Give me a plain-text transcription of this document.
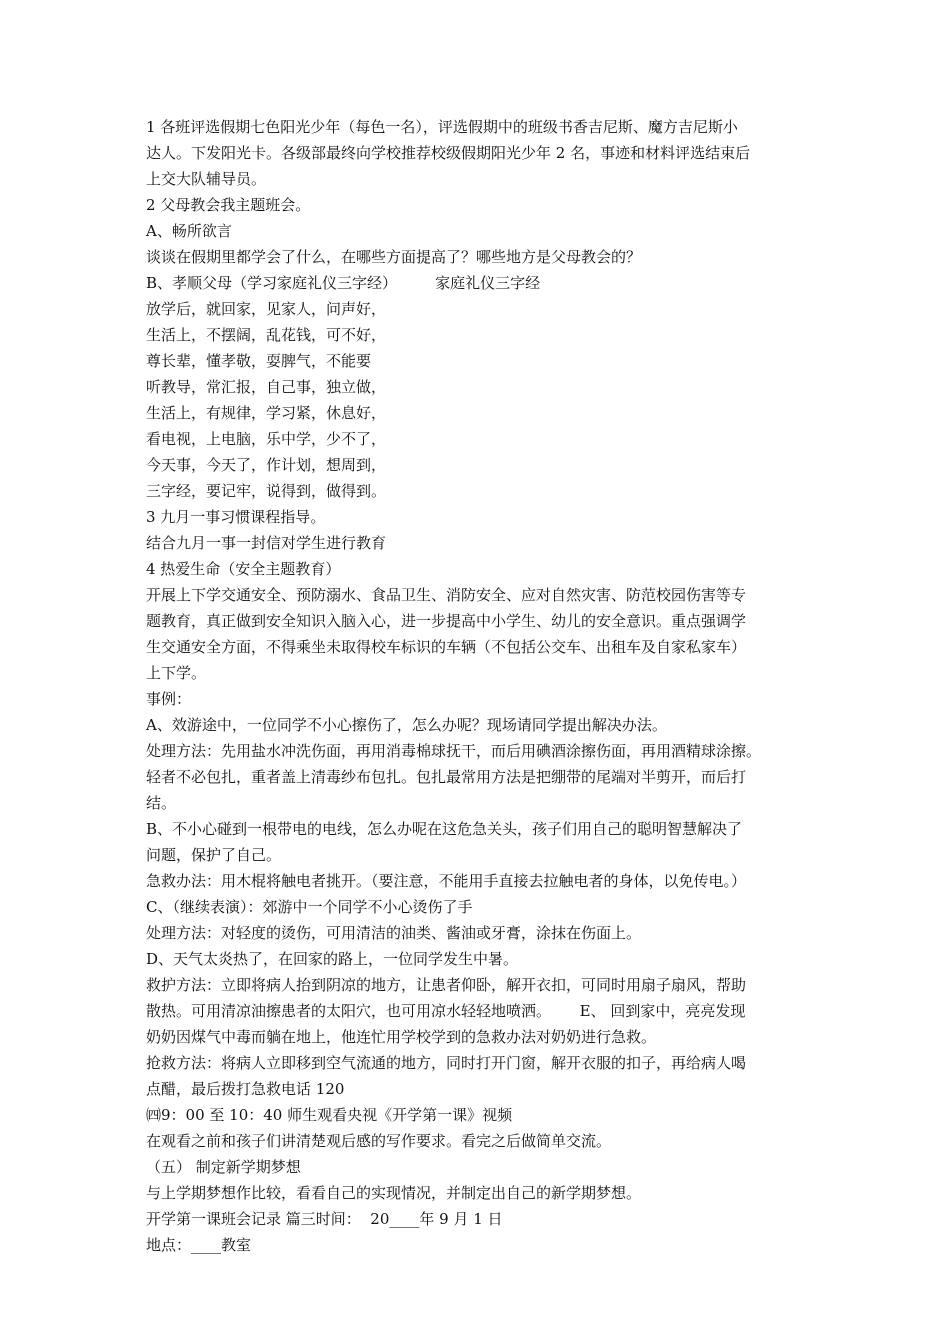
1 各班评选假期七色阳光少年（每色一名），评选假期中的班级书香吉尼斯、魔方吉尼斯小
达人。下发阳光卡。各级部最终向学校推荐校级假期阳光少年 2 名，事迹和材料评选结束后
上交大队辅导员。
2 父母教会我主题班会。
A、畅所欲言
谈谈在假期里都学会了什么，在哪些方面提高了？哪些地方是父母教会的？
B、孝顺父母（学习家庭礼仪三字经）        家庭礼仪三字经
放学后，就回家，见家人，问声好，
生活上，不摆阔，乱花钱，可不好，
尊长辈，懂孝敬，耍脾气，不能要
听教导，常汇报，自己事，独立做，
生活上，有规律，学习紧，休息好，
看电视，上电脑，乐中学，少不了，
今天事，今天了，作计划，想周到，
三字经，要记牢，说得到，做得到。
3 九月一事习惯课程指导。
结合九月一事一封信对学生进行教育
4 热爱生命（安全主题教育）
开展上下学交通安全、预防溺水、食品卫生、消防安全、应对自然灾害、防范校园伤害等专
题教育，真正做到安全知识入脑入心，进一步提高中小学生、幼儿的安全意识。重点强调学
生交通安全方面，不得乘坐未取得校车标识的车辆（不包括公交车、出租车及自家私家车）
上下学。
事例：
A、效游途中，一位同学不小心擦伤了，怎么办呢？现场请同学提出解决办法。
处理方法：先用盐水冲洗伤面，再用消毒棉球抚干，而后用碘酒涂擦伤面，再用酒精球涂擦。
轻者不必包扎，重者盖上清毒纱布包扎。包扎最常用方法是把绷带的尾端对半剪开，而后打
结。
B、不小心碰到一根带电的电线，怎么办呢在这危急关头，孩子们用自己的聪明智慧解决了
问题，保护了自己。
急救办法：用木棍将触电者挑开。（要注意，不能用手直接去拉触电者的身体，以免传电。）
C、（继续表演）：郊游中一个同学不小心烫伤了手
处理方法：对轻度的烫伤，可用清洁的油类、酱油或牙膏，涂抹在伤面上。
D、天气太炎热了，在回家的路上，一位同学发生中暑。
救护方法：立即将病人抬到阴凉的地方，让患者仰卧，解开衣扣，可同时用扇子扇风，帮助
散热。可用清凉油擦患者的太阳穴，也可用凉水轻轻地喷洒。      E、 回到家中，亮亮发现
奶奶因煤气中毒而躺在地上，他连忙用学校学到的急救办法对奶奶进行急救。
抢救方法：将病人立即移到空气流通的地方，同时打开门窗，解开衣服的扣子，再给病人喝
点醋，最后拨打急救电话 120
㈣9：00 至 10：40 师生观看央视《开学第一课》视频
在观看之前和孩子们讲清楚观后感的写作要求。看完之后做简单交流。
（五） 制定新学期梦想
与上学期梦想作比较，看看自己的实现情况，并制定出自己的新学期梦想。
开学第一课班会记录 篇三时间：  20____年 9 月 1 日
地点：____教室
